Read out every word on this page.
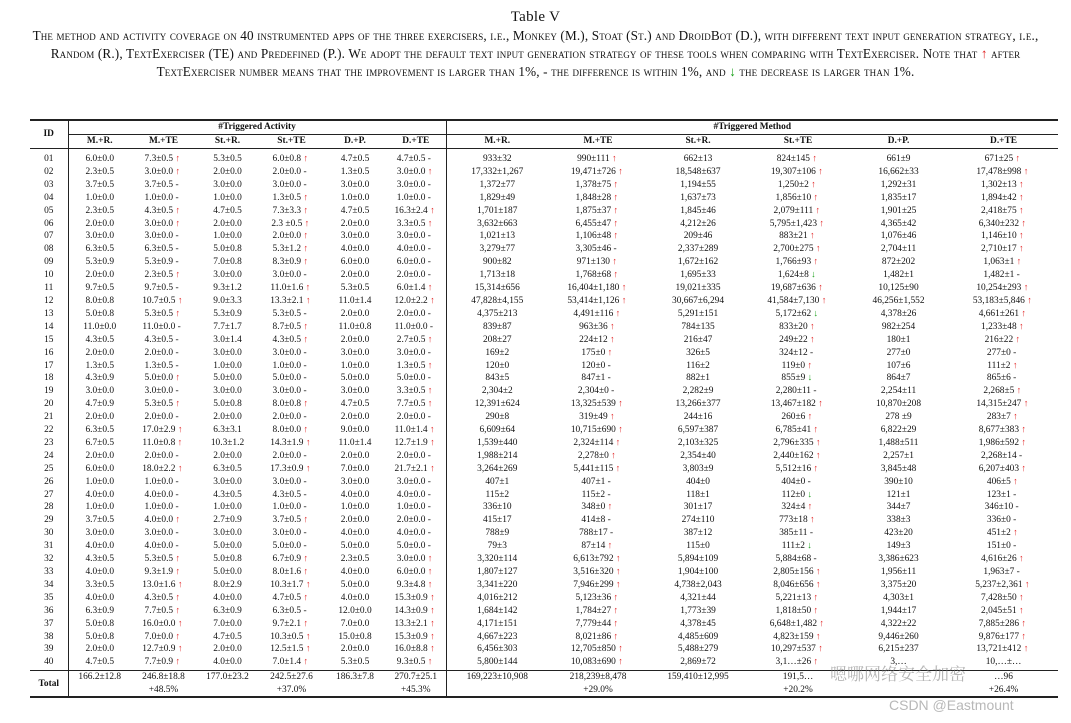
Table V
The method and activity coverage on 40 instrumented apps of the three exercisers, i.e., Monkey (M.), Stoat (St.) and DroidBot (D.), with different text input generation strategy, i.e., Random (R.), TextExerciser (TE) and Predefined (P.). We adopt the default text input generation strategy of these tools when comparing with TextExerciser. Note that ↑ after TextExerciser number means that the improvement is larger than 1%, - the difference is within 1%, and ↓ the decrease is larger than 1%.
ID	#Triggered Activity						#Triggered Method					
	M.+R.	M.+TE	St.+R.	St.+TE	D.+P.	D.+TE	M.+R.	M.+TE	St.+R.	St.+TE	D.+P.	D.+TE
01	6.0±0.0	7.3±0.5 ↑	5.3±0.5	6.0±0.8 ↑	4.7±0.5	4.7±0.5 -	933±32	990±111 ↑	662±13	824±145 ↑	661±9	671±25 ↑
02	2.3±0.5	3.0±0.0 ↑	2.0±0.0	2.0±0.0 -	1.3±0.5	3.0±0.0 ↑	17,332±1,267	19,471±726 ↑	18,548±637	19,307±106 ↑	16,662±33	17,478±998 ↑
03	3.7±0.5	3.7±0.5 -	3.0±0.0	3.0±0.0 -	3.0±0.0	3.0±0.0 -	1,372±77	1,378±75 ↑	1,194±55	1,250±2 ↑	1,292±31	1,302±13 ↑
04	1.0±0.0	1.0±0.0 -	1.0±0.0	1.3±0.5 ↑	1.0±0.0	1.0±0.0 -	1,829±49	1,848±28 ↑	1,637±73	1,856±10 ↑	1,835±17	1,894±42 ↑
05	2.3±0.5	4.3±0.5 ↑	4.7±0.5	7.3±3.3 ↑	4.7±0.5	16.3±2.4 ↑	1,701±187	1,875±37 ↑	1,845±46	2,079±111 ↑	1,901±25	2,418±75 ↑
06	2.0±0.0	3.0±0.0 ↑	2.0±0.0	2.3 ±0.5 ↑	2.0±0.0	3.3±0.5 ↑	3,632±663	6,455±47 ↑	4,212±26	5,795±1,423 ↑	4,365±42	6,340±232 ↑
07	3.0±0.0	3.0±0.0 -	1.0±0.0	2.0±0.0 ↑	3.0±0.0	3.0±0.0 -	1,021±13	1,106±48 ↑	209±46	883±21 ↑	1,076±46	1,146±10 ↑
08	6.3±0.5	6.3±0.5 -	5.0±0.8	5.3±1.2 ↑	4.0±0.0	4.0±0.0 -	3,279±77	3,305±46 -	2,337±289	2,700±275 ↑	2,704±11	2,710±17 ↑
09	5.3±0.9	5.3±0.9 -	7.0±0.8	8.3±0.9 ↑	6.0±0.0	6.0±0.0 -	900±82	971±130 ↑	1,672±162	1,766±93 ↑	872±202	1,063±1 ↑
10	2.0±0.0	2.3±0.5 ↑	3.0±0.0	3.0±0.0 -	2.0±0.0	2.0±0.0 -	1,713±18	1,768±68 ↑	1,695±33	1,624±8 ↓	1,482±1	1,482±1 -
11	9.7±0.5	9.7±0.5 -	9.3±1.2	11.0±1.6 ↑	5.3±0.5	6.0±1.4 ↑	15,314±656	16,404±1,180 ↑	19,021±335	19,687±636 ↑	10,125±90	10,254±293 ↑
12	8.0±0.8	10.7±0.5 ↑	9.0±3.3	13.3±2.1 ↑	11.0±1.4	12.0±2.2 ↑	47,828±4,155	53,414±1,126 ↑	30,667±6,294	41,584±7,130 ↑	46,256±1,552	53,183±5,846 ↑
13	5.0±0.8	5.3±0.5 ↑	5.3±0.9	5.3±0.5 -	2.0±0.0	2.0±0.0 -	4,375±213	4,491±116 ↑	5,291±151	5,172±62 ↓	4,378±26	4,661±261 ↑
14	11.0±0.0	11.0±0.0 -	7.7±1.7	8.7±0.5 ↑	11.0±0.8	11.0±0.0 -	839±87	963±36 ↑	784±135	833±20 ↑	982±254	1,233±48 ↑
15	4.3±0.5	4.3±0.5 -	3.0±1.4	4.3±0.5 ↑	2.0±0.0	2.7±0.5 ↑	208±27	224±12 ↑	216±47	249±22 ↑	180±1	216±22 ↑
16	2.0±0.0	2.0±0.0 -	3.0±0.0	3.0±0.0 -	3.0±0.0	3.0±0.0 -	169±2	175±0 ↑	326±5	324±12 -	277±0	277±0 -
17	1.3±0.5	1.3±0.5 -	1.0±0.0	1.0±0.0 -	1.0±0.0	1.3±0.5 ↑	120±0	120±0 -	116±2	119±0 ↑	107±6	111±2 ↑
18	4.3±0.9	5.0±0.0 ↑	5.0±0.0	5.0±0.0 -	5.0±0.0	5.0±0.0 -	843±5	847±1 -	882±1	855±9 ↓	864±7	865±6 -
19	3.0±0.0	3.0±0.0 -	3.0±0.0	3.0±0.0 -	3.0±0.0	3.3±0.5 ↑	2,304±2	2,304±0 -	2,282±9	2,280±11 -	2,254±11	2,268±5 ↑
20	4.7±0.9	5.3±0.5 ↑	5.0±0.8	8.0±0.8 ↑	4.7±0.5	7.7±0.5 ↑	12,391±624	13,325±539 ↑	13,266±377	13,467±182 ↑	10,870±208	14,315±247 ↑
21	2.0±0.0	2.0±0.0 -	2.0±0.0	2.0±0.0 -	2.0±0.0	2.0±0.0 -	290±8	319±49 ↑	244±16	260±6 ↑	278 ±9	283±7 ↑
22	6.3±0.5	17.0±2.9 ↑	6.3±3.1	8.0±0.0 ↑	9.0±0.0	11.0±1.4 ↑	6,609±64	10,715±690 ↑	6,597±387	6,785±41 ↑	6,822±29	8,677±383 ↑
23	6.7±0.5	11.0±0.8 ↑	10.3±1.2	14.3±1.9 ↑	11.0±1.4	12.7±1.9 ↑	1,539±440	2,324±114 ↑	2,103±325	2,796±335 ↑	1,488±511	1,986±592 ↑
24	2.0±0.0	2.0±0.0 -	2.0±0.0	2.0±0.0 -	2.0±0.0	2.0±0.0 -	1,988±214	2,278±0 ↑	2,354±40	2,440±162 ↑	2,257±1	2,268±14 -
25	6.0±0.0	18.0±2.2 ↑	6.3±0.5	17.3±0.9 ↑	7.0±0.0	21.7±2.1 ↑	3,264±269	5,441±115 ↑	3,803±9	5,512±16 ↑	3,845±48	6,207±403 ↑
26	1.0±0.0	1.0±0.0 -	3.0±0.0	3.0±0.0 -	3.0±0.0	3.0±0.0 -	407±1	407±1 -	404±0	404±0 -	390±10	406±5 ↑
27	4.0±0.0	4.0±0.0 -	4.3±0.5	4.3±0.5 -	4.0±0.0	4.0±0.0 -	115±2	115±2 -	118±1	112±0 ↓	121±1	123±1 -
28	1.0±0.0	1.0±0.0 -	1.0±0.0	1.0±0.0 -	1.0±0.0	1.0±0.0 -	336±10	348±0 ↑	301±17	324±4 ↑	344±7	346±10 -
29	3.7±0.5	4.0±0.0 ↑	2.7±0.9	3.7±0.5 ↑	2.0±0.0	2.0±0.0 -	415±17	414±8 -	274±110	773±18 ↑	338±3	336±0 -
30	3.0±0.0	3.0±0.0 -	3.0±0.0	3.0±0.0 -	4.0±0.0	4.0±0.0 -	788±9	788±17 -	387±12	385±11 -	423±20	451±2 ↑
31	4.0±0.0	4.0±0.0 -	5.0±0.0	5.0±0.0 -	5.0±0.0	5.0±0.0 -	79±3	87±14 ↑	115±0	111±2 ↓	149±3	151±0 -
32	4.3±0.5	5.3±0.5 ↑	5.0±0.8	6.7±0.9 ↑	2.3±0.5	3.0±0.0 ↑	3,320±114	6,613±792 ↑	5,894±109	5,884±68 -	3,386±623	4,616±26 ↑
33	4.0±0.0	9.3±1.9 ↑	5.0±0.0	8.0±1.6 ↑	4.0±0.0	6.0±0.0 ↑	1,807±127	3,516±320 ↑	1,904±100	2,805±156 ↑	1,956±11	1,963±7 -
34	3.3±0.5	13.0±1.6 ↑	8.0±2.9	10.3±1.7 ↑	5.0±0.0	9.3±4.8 ↑	3,341±220	7,946±299 ↑	4,738±2,043	8,046±656 ↑	3,375±20	5,237±2,361 ↑
35	4.0±0.0	4.3±0.5 ↑	4.0±0.0	4.7±0.5 ↑	4.0±0.0	15.3±0.9 ↑	4,016±212	5,123±36 ↑	4,321±44	5,221±13 ↑	4,303±1	7,428±50 ↑
36	6.3±0.9	7.7±0.5 ↑	6.3±0.9	6.3±0.5 -	12.0±0.0	14.3±0.9 ↑	1,684±142	1,784±27 ↑	1,773±39	1,818±50 ↑	1,944±17	2,045±51 ↑
37	5.0±0.8	16.0±0.0 ↑	7.0±0.0	9.7±2.1 ↑	7.0±0.0	13.3±2.1 ↑	4,171±151	7,779±44 ↑	4,378±45	6,648±1,482 ↑	4,322±22	7,885±286 ↑
38	5.0±0.8	7.0±0.0 ↑	4.7±0.5	10.3±0.5 ↑	15.0±0.8	15.3±0.9 ↑	4,667±223	8,021±86 ↑	4,485±609	4,823±159 ↑	9,446±260	9,876±177 ↑
39	2.0±0.0	12.7±0.9 ↑	2.0±0.0	12.5±1.5 ↑	2.0±0.0	16.0±8.8 ↑	6,456±303	12,705±850 ↑	5,488±279	10,297±537 ↑	6,215±237	13,721±412 ↑
40	4.7±0.5	7.7±0.9 ↑	4.0±0.0	7.0±1.4 ↑	5.3±0.5	9.3±0.5 ↑	5,800±144	10,083±690 ↑	2,869±72	3,1…±26 ↑	3,…	10,…±…
Total	166.2±12.8	246.8±18.8	177.0±23.2	242.5±27.6	186.3±7.8	270.7±25.1	169,223±10,908	218,239±8,478	159,410±12,995	191,5…		…96
		+48.5%		+37.0%		+45.3%		+29.0%		+20.2%		+26.4%
嗯哪网络安全加密
CSDN @Eastmount
